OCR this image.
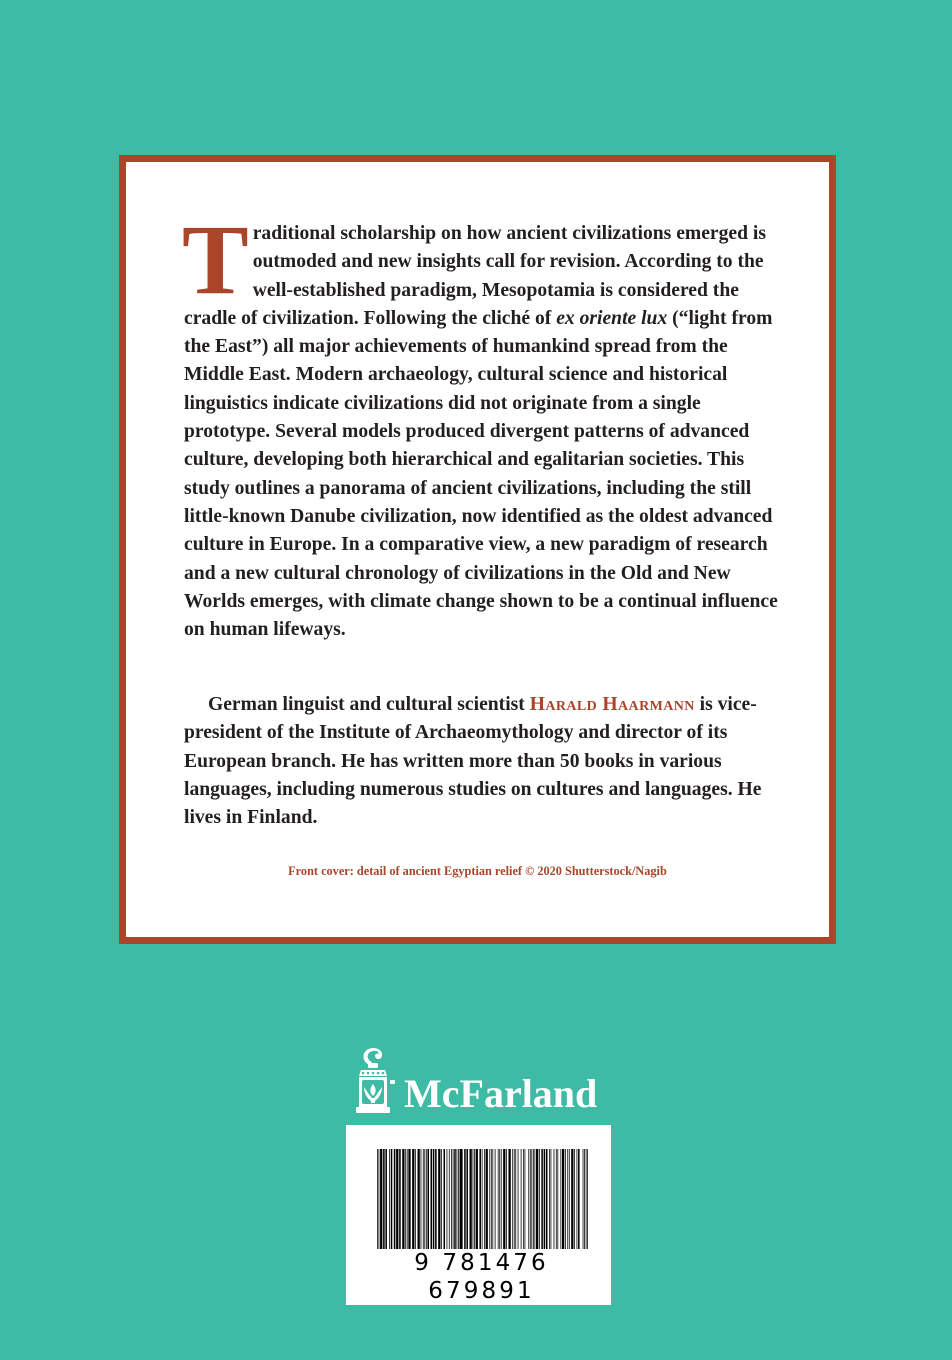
Traditional scholarship on how ancient civilizations emerged is outmoded and new insights call for revision. According to the well-established paradigm, Mesopotamia is considered the cradle of civilization. Following the cliché of ex oriente lux (“light from the East”) all major achievements of humankind spread from the Middle East. Modern archaeology, cultural science and historical linguistics indicate civilizations did not originate from a single prototype. Several models produced divergent patterns of advanced culture, developing both hierarchical and egalitarian societies. This study outlines a panorama of ancient civilizations, including the still little-known Danube civilization, now identified as the oldest advanced culture in Europe. In a comparative view, a new paradigm of research and a new cultural chronology of civilizations in the Old and New Worlds emerges, with climate change shown to be a continual influence on human lifeways.

German linguist and cultural scientist Harald Haarmann is vice-president of the Institute of Archaeomythology and director of its European branch. He has written more than 50 books in various languages, including numerous studies on cultures and languages. He lives in Finland.

Front cover: detail of ancient Egyptian relief © 2020 Shutterstock/Nagib
McFarland
9 781476 679891
